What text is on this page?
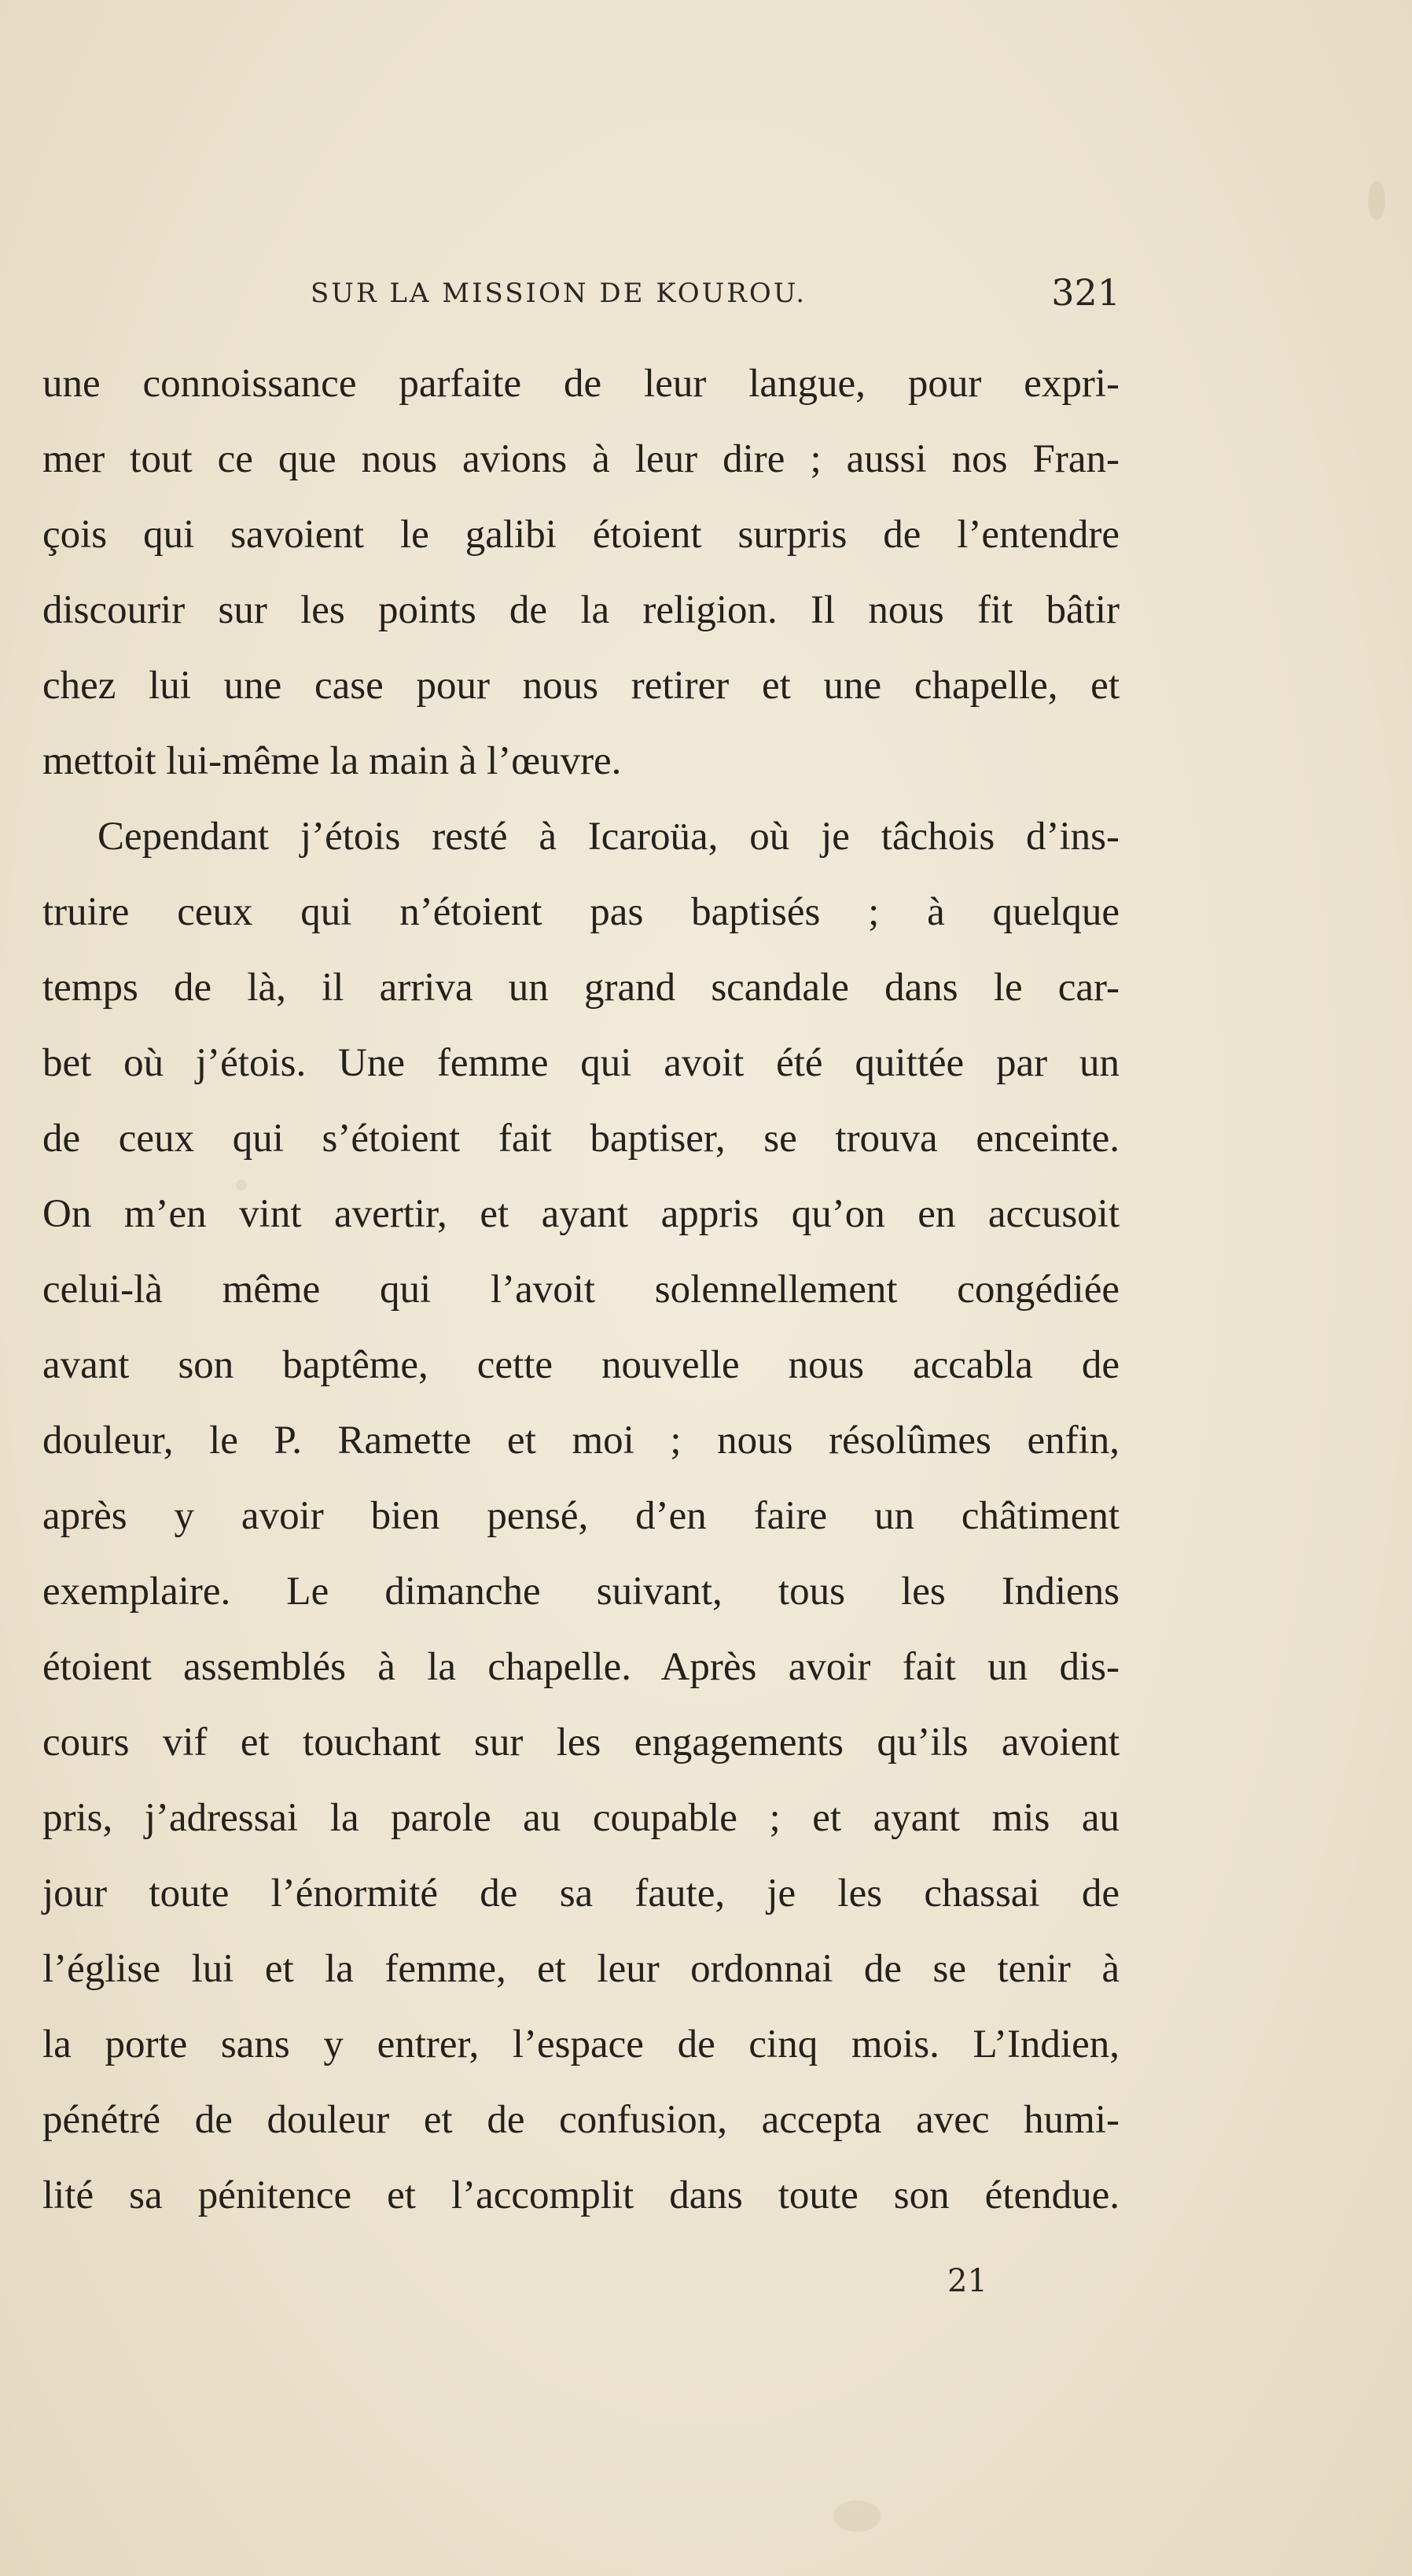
SUR LA MISSION DE KOUROU.	321
une connoissance parfaite de leur langue, pour expri-
mer tout ce que nous avions à leur dire ; aussi nos Fran-
çois qui savoient le galibi étoient surpris de l’entendre
discourir sur les points de la religion. Il nous fit bâtir
chez lui une case pour nous retirer et une chapelle, et
mettoit lui-même la main à l’œuvre.
Cependant j’étois resté à Icaroüa, où je tâchois d’ins-
truire ceux qui n’étoient pas baptisés ; à quelque
temps de là, il arriva un grand scandale dans le car-
bet où j’étois. Une femme qui avoit été quittée par un
de ceux qui s’étoient fait baptiser, se trouva enceinte.
On m’en vint avertir, et ayant appris qu’on en accusoit
celui-là même qui l’avoit solennellement congédiée
avant son baptême, cette nouvelle nous accabla de
douleur, le P. Ramette et moi ; nous résolûmes enfin,
après y avoir bien pensé, d’en faire un châtiment
exemplaire. Le dimanche suivant, tous les Indiens
étoient assemblés à la chapelle. Après avoir fait un dis-
cours vif et touchant sur les engagements qu’ils avoient
pris, j’adressai la parole au coupable ; et ayant mis au
jour toute l’énormité de sa faute, je les chassai de
l’église lui et la femme, et leur ordonnai de se tenir à
la porte sans y entrer, l’espace de cinq mois. L’Indien,
pénétré de douleur et de confusion, accepta avec humi-
lité sa pénitence et l’accomplit dans toute son étendue.
21
